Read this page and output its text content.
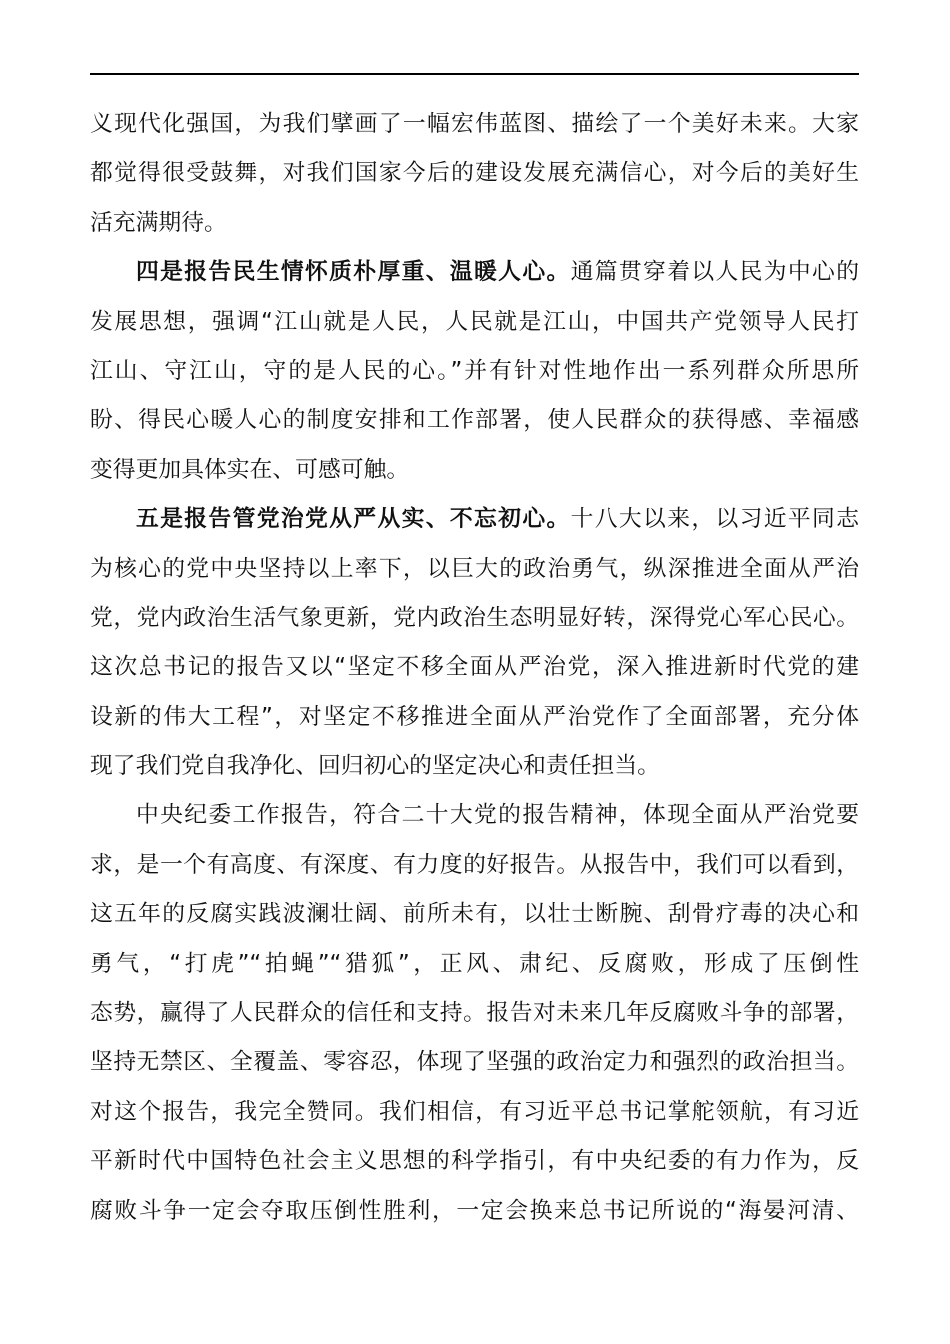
义现代化强国，为我们擘画了一幅宏伟蓝图、描绘了一个美好未来。大家
都觉得很受鼓舞，对我们国家今后的建设发展充满信心，对今后的美好生
活充满期待。
四是报告民生情怀质朴厚重、温暖人心。通篇贯穿着以人民为中心的
发展思想，强调“江山就是人民，人民就是江山，中国共产党领导人民打
江山、守江山，守的是人民的心。”并有针对性地作出一系列群众所思所
盼、得民心暖人心的制度安排和工作部署，使人民群众的获得感、幸福感
变得更加具体实在、可感可触。
五是报告管党治党从严从实、不忘初心。十八大以来，以习近平同志
为核心的党中央坚持以上率下，以巨大的政治勇气，纵深推进全面从严治
党，党内政治生活气象更新，党内政治生态明显好转，深得党心军心民心。
这次总书记的报告又以“坚定不移全面从严治党，深入推进新时代党的建
设新的伟大工程”，对坚定不移推进全面从严治党作了全面部署，充分体
现了我们党自我净化、回归初心的坚定决心和责任担当。
中央纪委工作报告，符合二十大党的报告精神，体现全面从严治党要
求，是一个有高度、有深度、有力度的好报告。从报告中，我们可以看到，
这五年的反腐实践波澜壮阔、前所未有，以壮士断腕、刮骨疗毒的决心和
勇气，“打虎”“拍蝇”“猎狐”，正风、肃纪、反腐败，形成了压倒性
态势，赢得了人民群众的信任和支持。报告对未来几年反腐败斗争的部署，
坚持无禁区、全覆盖、零容忍，体现了坚强的政治定力和强烈的政治担当。
对这个报告，我完全赞同。我们相信，有习近平总书记掌舵领航，有习近
平新时代中国特色社会主义思想的科学指引，有中央纪委的有力作为，反
腐败斗争一定会夺取压倒性胜利，一定会换来总书记所说的“海晏河清、
